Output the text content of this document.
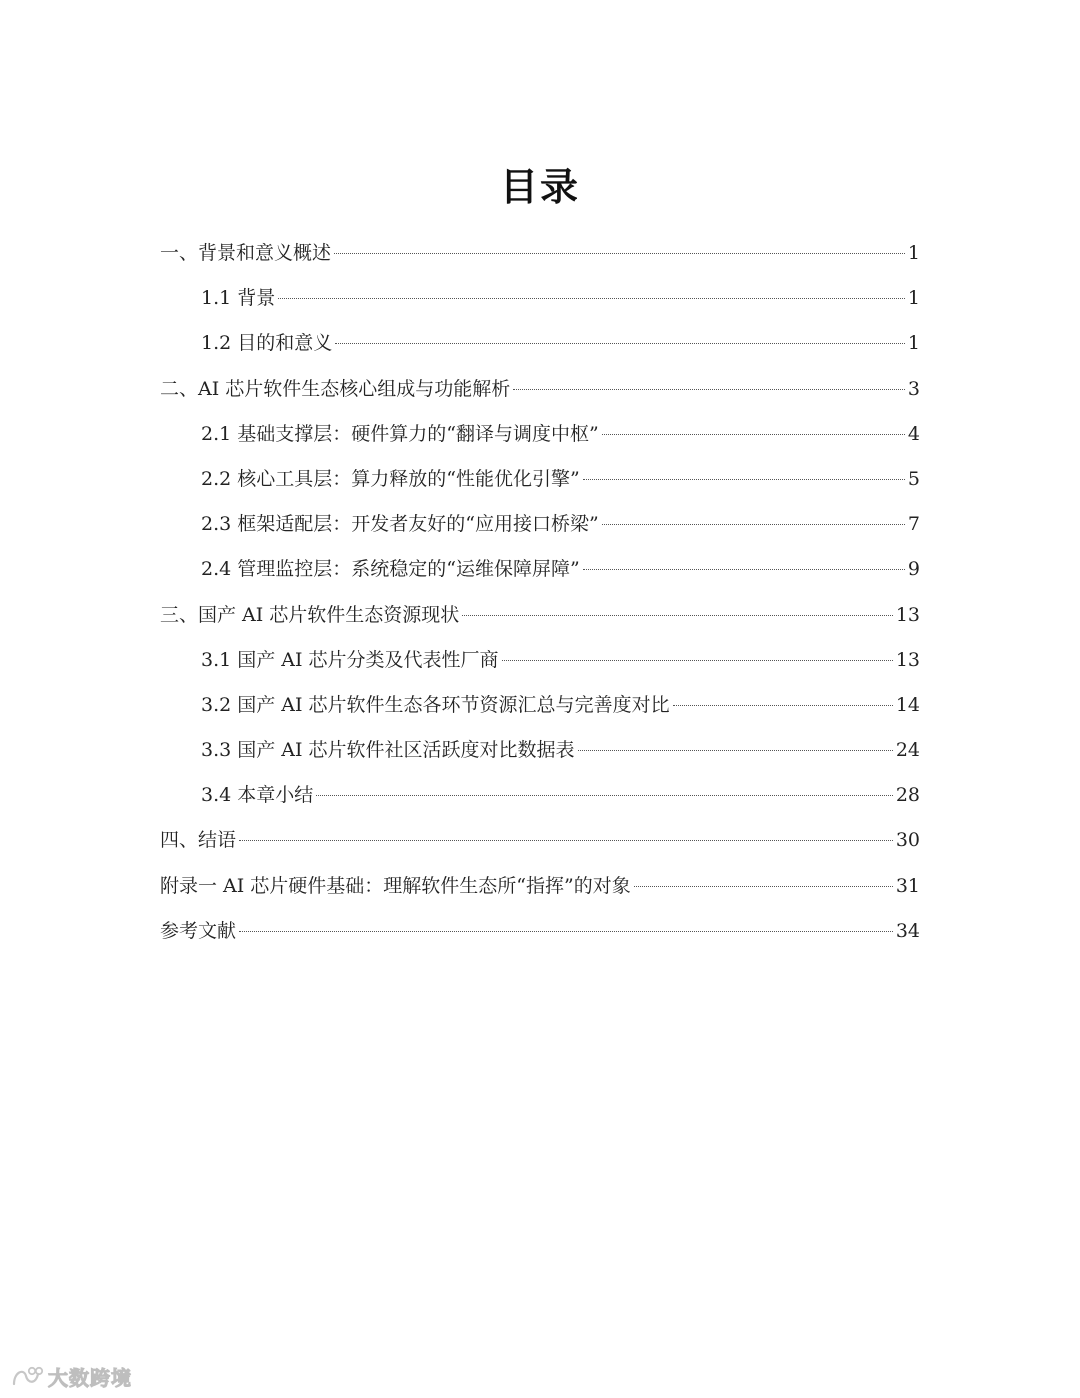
目录
一、背景和意义概述	1
1.1 背景	1
1.2 目的和意义	1
二、AI 芯片软件生态核心组成与功能解析	3
2.1 基础支撑层：硬件算力的“翻译与调度中枢”	4
2.2 核心工具层：算力释放的“性能优化引擎”	5
2.3 框架适配层：开发者友好的“应用接口桥梁”	7
2.4 管理监控层：系统稳定的“运维保障屏障”	9
三、国产 AI 芯片软件生态资源现状	13
3.1 国产 AI 芯片分类及代表性厂商	13
3.2 国产 AI 芯片软件生态各环节资源汇总与完善度对比	14
3.3 国产 AI 芯片软件社区活跃度对比数据表	24
3.4 本章小结	28
四、结语	30
附录一 AI 芯片硬件基础：理解软件生态所“指挥”的对象	31
参考文献	34
大数跨境
